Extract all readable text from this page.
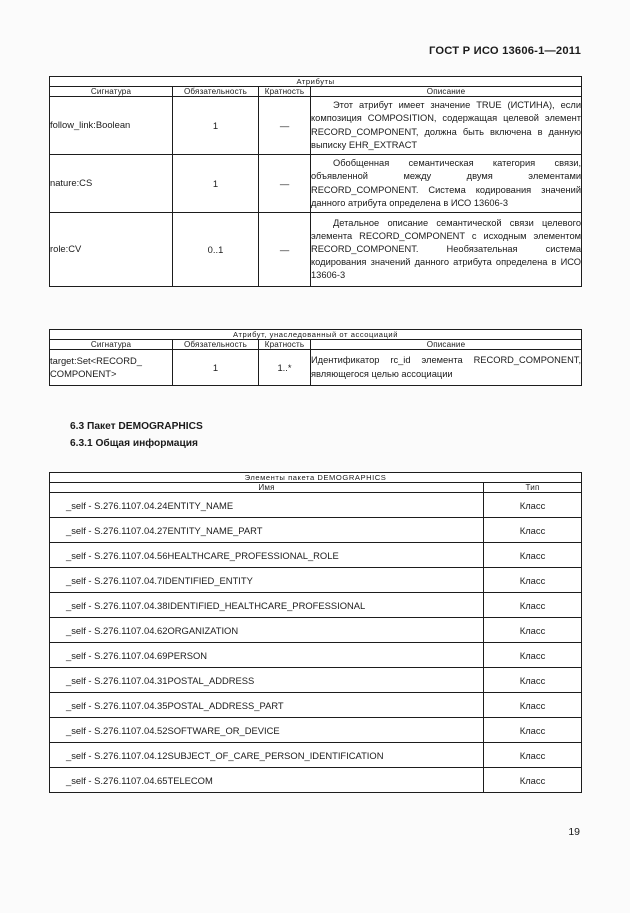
ГОСТ Р ИСО 13606-1—2011
Атрибуты			
Сигнатура	Обязательность	Кратность	Описание
follow_link:Boolean	1	—	Этот атрибут имеет значение TRUE (ИСТИНА), если композиция COMPOSITION, содержащая целевой элемент RECORD_COMPONENT, должна быть включена в данную выписку EHR_EXTRACT
nature:CS	1	—	Обобщенная семантическая категория связи, объявленной между двумя элементами RECORD_COMPONENT. Система кодирования значений данного атрибута определена в ИСО 13606-3
role:CV	0..1	—	Детальное описание семантической связи целевого элемента RECORD_COMPONENT с исходным элементом RECORD_COMPONENT. Необязательная система кодирования значений данного атрибута определена в ИСО 13606-3
Атрибут, унаследованный от ассоциаций			
Сигнатура	Обязательность	Кратность	Описание
target:Set<RECORD_ COMPONENT>	1	1..*	Идентификатор rc_id элемента RECORD_COMPONENT, являющегося целью ассоциации
6.3 Пакет DEMOGRAPHICS
6.3.1 Общая информация
Элементы пакета DEMOGRAPHICS	
Имя	Тип
_self - S.276.1107.04.24ENTITY_NAME	Класс
_self - S.276.1107.04.27ENTITY_NAME_PART	Класс
_self - S.276.1107.04.56HEALTHCARE_PROFESSIONAL_ROLE	Класс
_self - S.276.1107.04.7IDENTIFIED_ENTITY	Класс
_self - S.276.1107.04.38IDENTIFIED_HEALTHCARE_PROFESSIONAL	Класс
_self - S.276.1107.04.62ORGANIZATION	Класс
_self - S.276.1107.04.69PERSON	Класс
_self - S.276.1107.04.31POSTAL_ADDRESS	Класс
_self - S.276.1107.04.35POSTAL_ADDRESS_PART	Класс
_self - S.276.1107.04.52SOFTWARE_OR_DEVICE	Класс
_self - S.276.1107.04.12SUBJECT_OF_CARE_PERSON_IDENTIFICATION	Класс
_self - S.276.1107.04.65TELECOM	Класс
19
